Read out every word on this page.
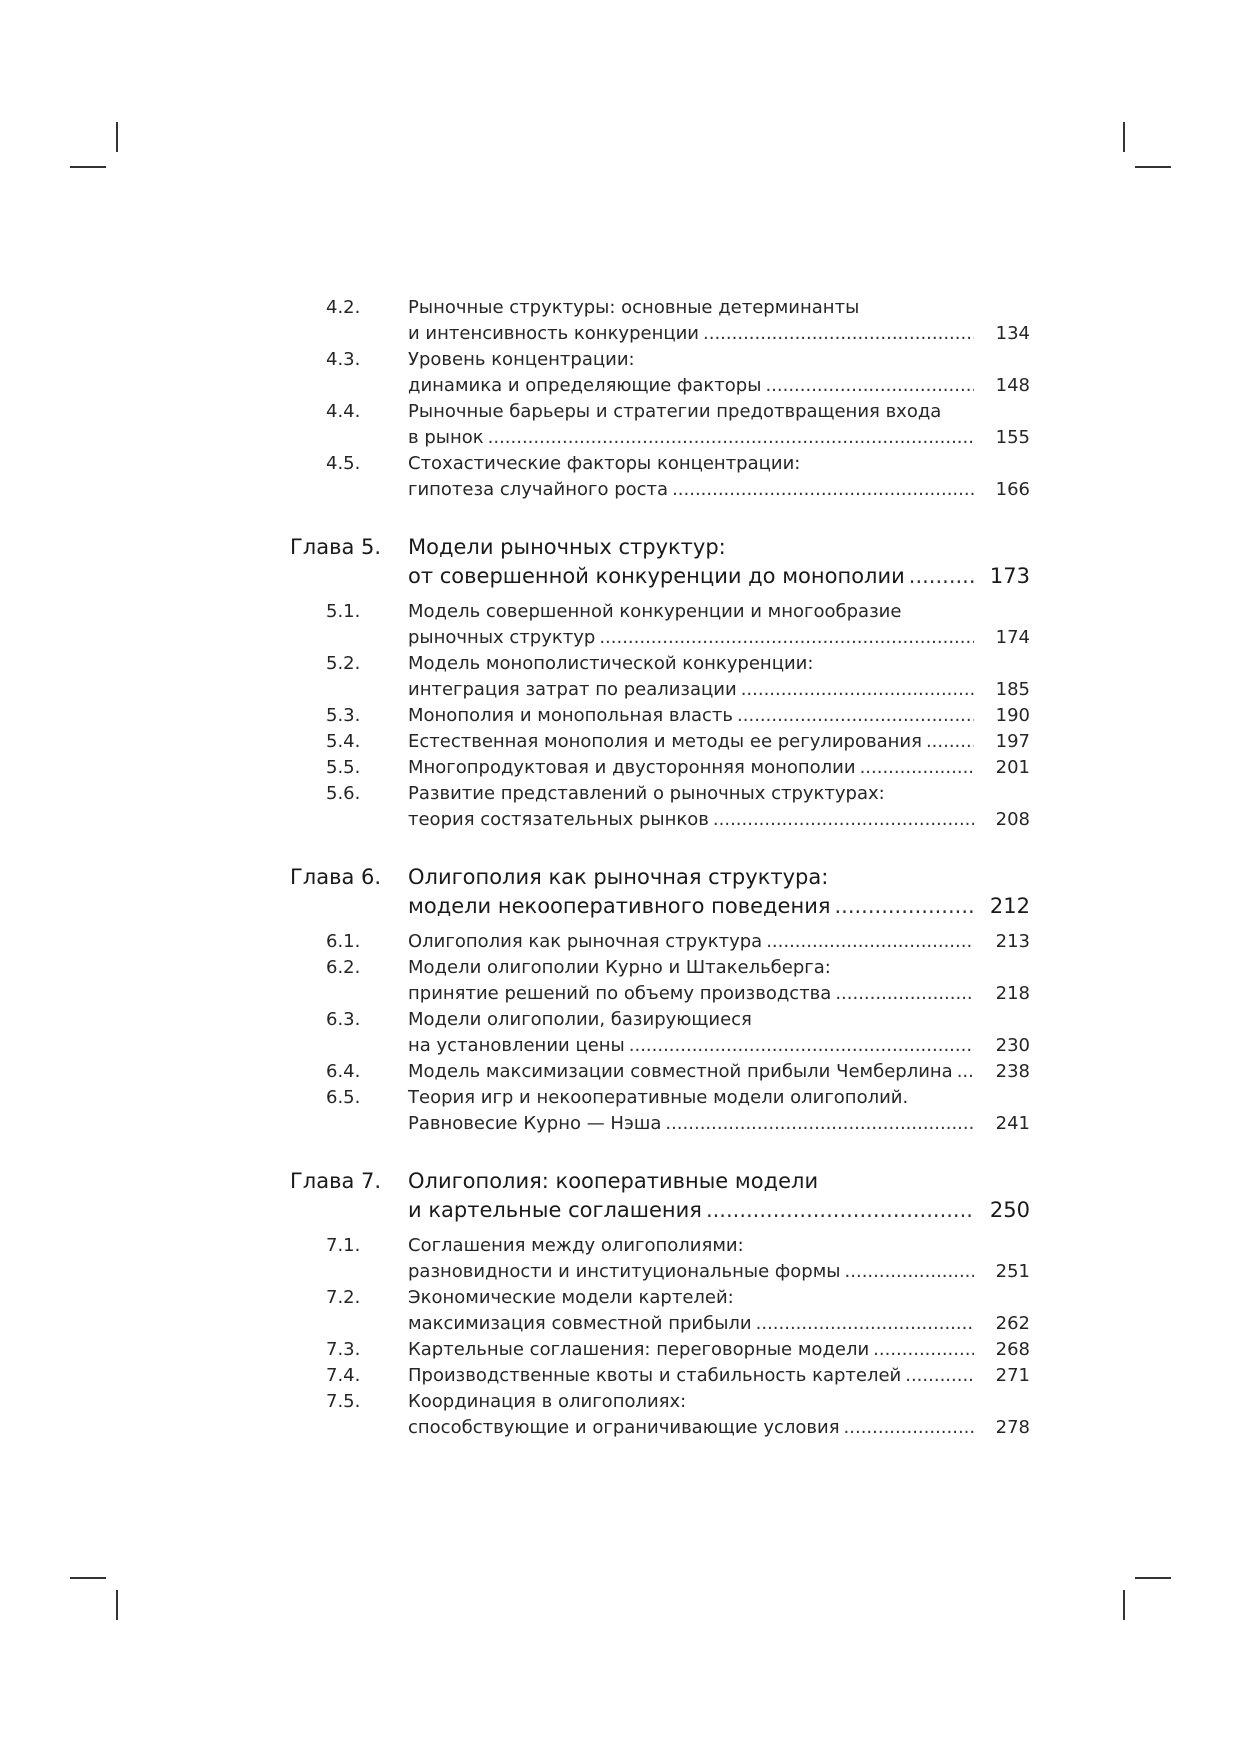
4.2.	Рыночные структуры: основные детерминанты
и интенсивность конкуренции .....	134
4.3.	Уровень концентрации:
динамика и определяющие факторы .....	148
4.4.	Рыночные барьеры и стратегии предотвращения входа
в рынок .....	155
4.5.	Стохастические факторы концентрации:
гипотеза случайного роста .....	166
Глава 5. Модели рыночных структур:
от совершенной конкуренции до монополии .....	173
5.1.	Модель совершенной конкуренции и многообразие
рыночных структур .....	174
5.2.	Модель монополистической конкуренции:
интеграция затрат по реализации .....	185
5.3.	Монополия и монопольная власть .....	190
5.4.	Естественная монополия и методы ее регулирования .....	197
5.5.	Многопродуктовая и двусторонняя монополии .....	201
5.6.	Развитие представлений о рыночных структурах:
теория состязательных рынков .....	208
Глава 6. Олигополия как рыночная структура:
модели некооперативного поведения .....	212
6.1.	Олигополия как рыночная структура .....	213
6.2.	Модели олигополии Курно и Штакельберга:
принятие решений по объему производства .....	218
6.3.	Модели олигополии, базирующиеся
на установлении цены .....	230
6.4.	Модель максимизации совместной прибыли Чемберлина .....	238
6.5.	Теория игр и некооперативные модели олигополий.
Равновесие Курно — Нэша .....	241
Глава 7. Олигополия: кооперативные модели
и картельные соглашения .....	250
7.1.	Соглашения между олигополиями:
разновидности и институциональные формы .....	251
7.2.	Экономические модели картелей:
максимизация совместной прибыли .....	262
7.3.	Картельные соглашения: переговорные модели .....	268
7.4.	Производственные квоты и стабильность картелей .....	271
7.5.	Координация в олигополиях:
способствующие и ограничивающие условия .....	278
